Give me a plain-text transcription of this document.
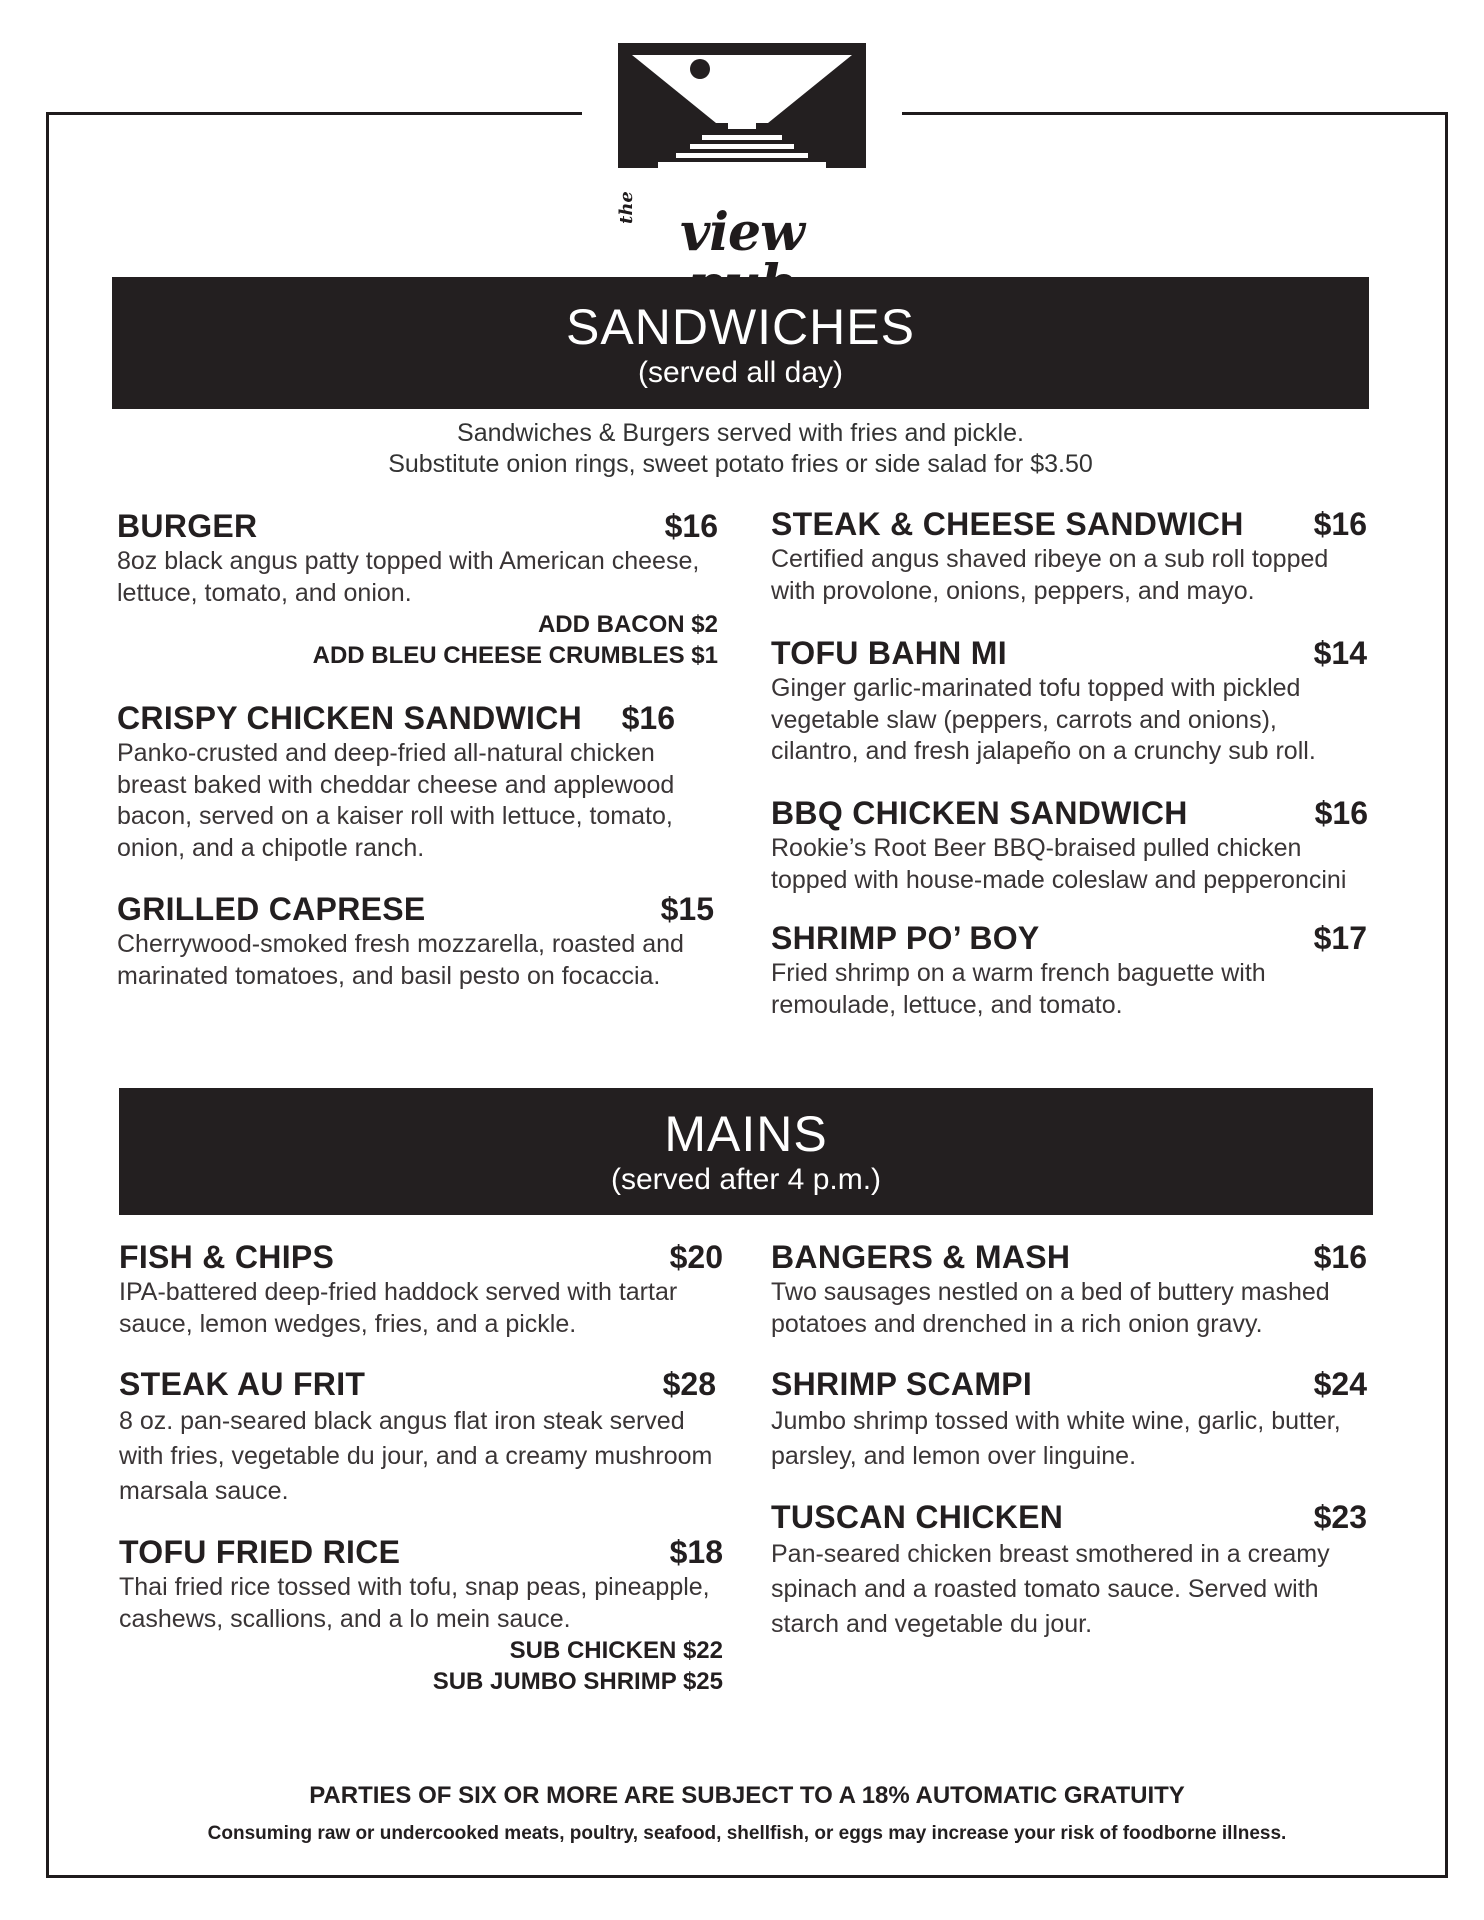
the view
SANDWICHES
(served all day)
Sandwiches & Burgers served with fries and pickle.
Substitute onion rings, sweet potato fries or side salad for $3.50
BURGER	$16
8oz black angus patty topped with American cheese, lettuce, tomato, and onion.
ADD BACON $2
ADD BLEU CHEESE CRUMBLES $1
CRISPY CHICKEN SANDWICH $16
Panko-crusted and deep-fried all-natural chicken breast baked with cheddar cheese and applewood bacon, served on a kaiser roll with lettuce, tomato, onion, and a chipotle ranch.
GRILLED CAPRESE	$15
Cherrywood-smoked fresh mozzarella, roasted and marinated tomatoes, and basil pesto on focaccia.
STEAK & CHEESE SANDWICH $16
Certified angus shaved ribeye on a sub roll topped with provolone, onions, peppers, and mayo.
TOFU BAHN MI	$14
Ginger garlic-marinated tofu topped with pickled vegetable slaw (peppers, carrots and onions), cilantro, and fresh jalapeño on a crunchy sub roll.
BBQ CHICKEN SANDWICH	$16
Rookie’s Root Beer BBQ-braised pulled chicken topped with house-made coleslaw and pepperoncini
SHRIMP PO’ BOY	$17
Fried shrimp on a warm french baguette with remoulade, lettuce, and tomato.
MAINS
(served after 4 p.m.)
FISH & CHIPS	$20
IPA-battered deep-fried haddock served with tartar sauce, lemon wedges, fries, and a pickle.
STEAK AU FRIT	$28
8 oz. pan-seared black angus flat iron steak served with fries, vegetable du jour, and a creamy mushroom marsala sauce.
TOFU FRIED RICE	$18
Thai fried rice tossed with tofu, snap peas, pineapple, cashews, scallions, and a lo mein sauce.
SUB CHICKEN $22
SUB JUMBO SHRIMP $25
BANGERS & MASH	$16
Two sausages nestled on a bed of buttery mashed potatoes and drenched in a rich onion gravy.
SHRIMP SCAMPI	$24
Jumbo shrimp tossed with white wine, garlic, butter, parsley, and lemon over linguine.
TUSCAN CHICKEN	$23
Pan-seared chicken breast smothered in a creamy spinach and a roasted tomato sauce. Served with starch and vegetable du jour.
PARTIES OF SIX OR MORE ARE SUBJECT TO A 18% AUTOMATIC GRATUITY
Consuming raw or undercooked meats, poultry, seafood, shellfish, or eggs may increase your risk of foodborne illness.
